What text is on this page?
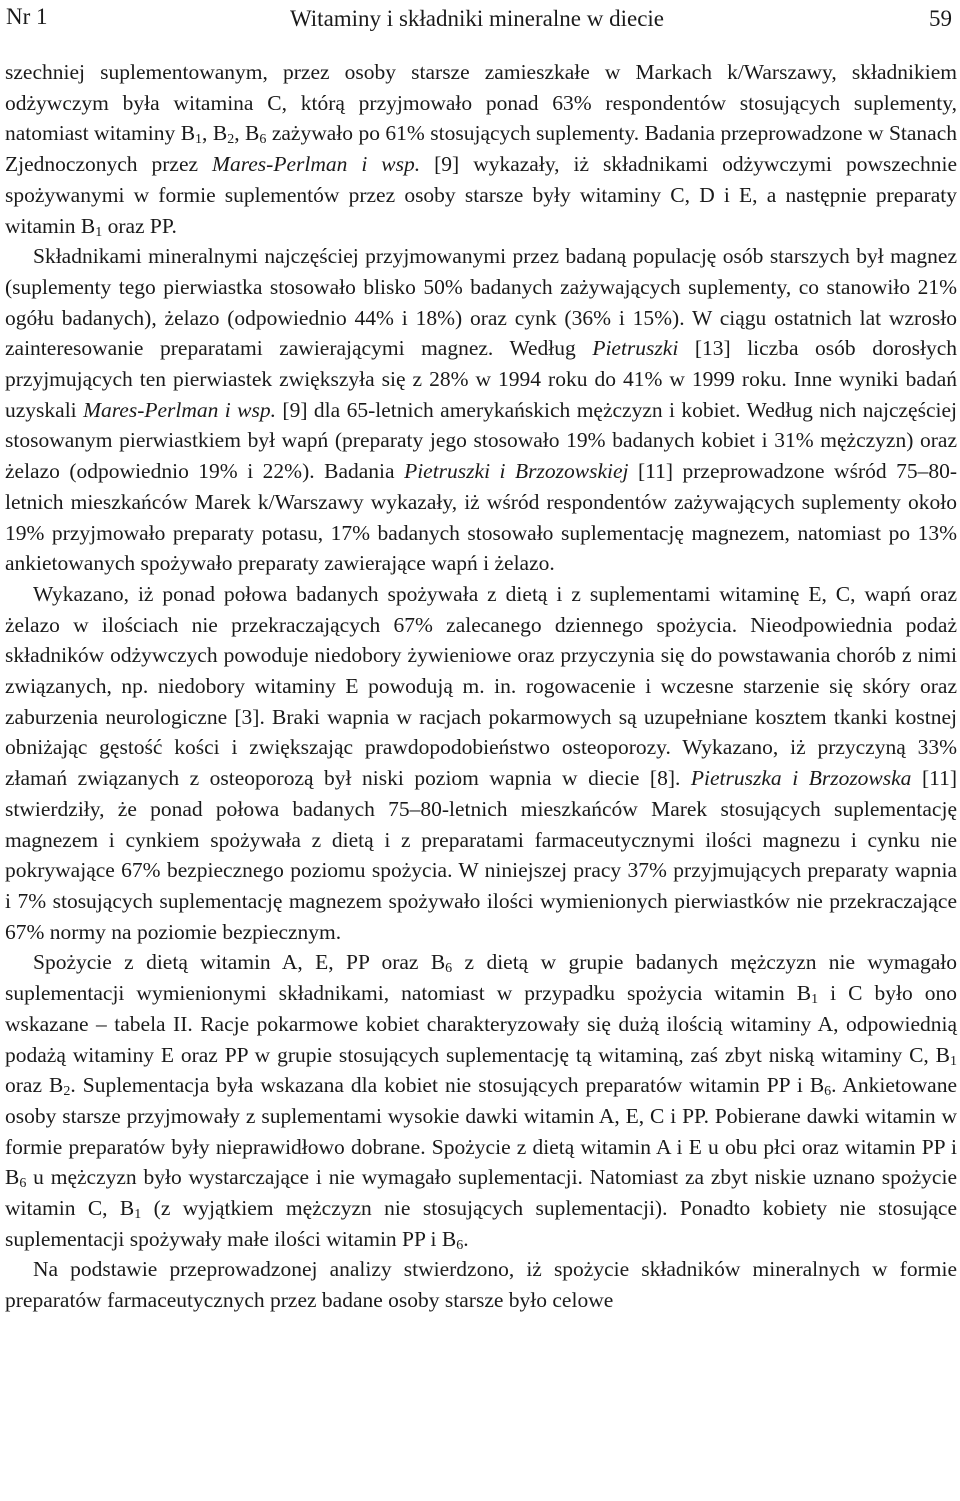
Nr 1	Witaminy i składniki mineralne w diecie	59

szechniej suplementowanym, przez osoby starsze zamieszkałe w Markach k/Warszawy, składnikiem odżywczym była witamina C, którą przyjmowało ponad 63% respondentów stosujących suplementy, natomiast witaminy $B_1$, $B_2$, $B_6$ zażywało po 61% stosujących suplementy. Badania przeprowadzone w Stanach Zjednoczonych przez Mares-Perlman i wsp. [9] wykazały, iż składnikami odżywczymi powszechnie spożywanymi w formie suplementów przez osoby starsze były witaminy C, D i E, a następnie preparaty witamin $B_1$ oraz PP.

Składnikami mineralnymi najczęściej przyjmowanymi przez badaną populację osób starszych był magnez (suplementy tego pierwiastka stosowało blisko 50% badanych zażywających suplementy, co stanowiło 21% ogółu badanych), żelazo (odpowiednio 44% i 18%) oraz cynk (36% i 15%). W ciągu ostatnich lat wzrosło zainteresowanie preparatami zawierającymi magnez. Według Pietruszki [13] liczba osób dorosłych przyjmujących ten pierwiastek zwiększyła się z 28% w 1994 roku do 41% w 1999 roku. Inne wyniki badań uzyskali Mares-Perlman i wsp. [9] dla 65-letnich amerykańskich mężczyzn i kobiet. Według nich najczęściej stosowanym pierwiastkiem był wapń (preparaty jego stosowało 19% badanych kobiet i 31% mężczyzn) oraz żelazo (odpowiednio 19% i 22%). Badania Pietruszki i Brzozowskiej [11] przeprowadzone wśród 75–80-letnich mieszkańców Marek k/Warszawy wykazały, iż wśród respondentów zażywających suplementy około 19% przyjmowało preparaty potasu, 17% badanych stosowało suplementację magnezem, natomiast po 13% ankietowanych spożywało preparaty zawierające wapń i żelazo.

Wykazano, iż ponad połowa badanych spożywała z dietą i z suplementami witaminę E, C, wapń oraz żelazo w ilościach nie przekraczających 67% zalecanego dziennego spożycia. Nieodpowiednia podaż składników odżywczych powoduje niedobory żywieniowe oraz przyczynia się do powstawania chorób z nimi związanych, np. niedobory witaminy E powodują m. in. rogowacenie i wczesne starzenie się skóry oraz zaburzenia neurologiczne [3]. Braki wapnia w racjach pokarmowych są uzupełniane kosztem tkanki kostnej obniżając gęstość kości i zwiększając prawdopodobieństwo osteoporozy. Wykazano, iż przyczyną 33% złamań związanych z osteoporozą był niski poziom wapnia w diecie [8]. Pietruszka i Brzozowska [11] stwierdziły, że ponad połowa badanych 75–80-letnich mieszkańców Marek stosujących suplementację magnezem i cynkiem spożywała z dietą i z preparatami farmaceutycznymi ilości magnezu i cynku nie pokrywające 67% bezpiecznego poziomu spożycia. W niniejszej pracy 37% przyjmujących preparaty wapnia i 7% stosujących suplementację magnezem spożywało ilości wymienionych pierwiastków nie przekraczające 67% normy na poziomie bezpiecznym.

Spożycie z dietą witamin A, E, PP oraz $B_6$ z dietą w grupie badanych mężczyzn nie wymagało suplementacji wymienionymi składnikami, natomiast w przypadku spożycia witamin $B_1$ i C było ono wskazane – tabela II. Racje pokarmowe kobiet charakteryzowały się dużą ilością witaminy A, odpowiednią podażą witaminy E oraz PP w grupie stosujących suplementację tą witaminą, zaś zbyt niską witaminy C, $B_1$ oraz $B_2$. Suplementacja była wskazana dla kobiet nie stosujących preparatów witamin PP i $B_6$. Ankietowane osoby starsze przyjmowały z suplementami wysokie dawki witamin A, E, C i PP. Pobierane dawki witamin w formie preparatów były nieprawidłowo dobrane. Spożycie z dietą witamin A i E u obu płci oraz witamin PP i $B_6$ u mężczyzn było wystarczające i nie wymagało suplementacji. Natomiast za zbyt niskie uznano spożycie witamin C, $B_1$ (z wyjątkiem mężczyzn nie stosujących suplementacji). Ponadto kobiety nie stosujące suplementacji spożywały małe ilości witamin PP i $B_6$.

Na podstawie przeprowadzonej analizy stwierdzono, iż spożycie składników mineralnych w formie preparatów farmaceutycznych przez badane osoby starsze było celowe
